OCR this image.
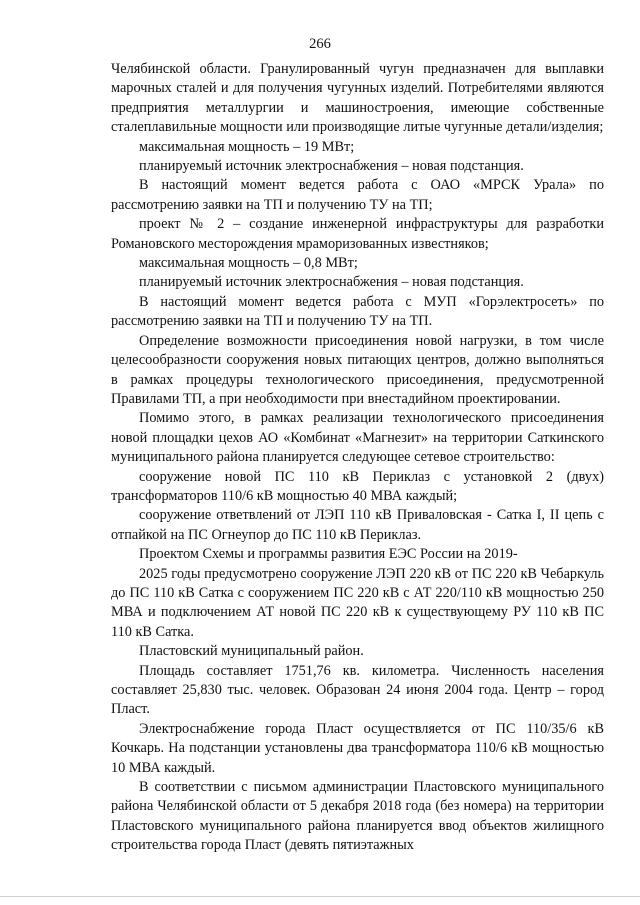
266

Челябинской области. Гранулированный чугун предназначен для выплавки марочных сталей и для получения чугунных изделий. Потребителями являются предприятия металлургии и машиностроения, имеющие собственные сталеплавильные мощности или производящие литые чугунные детали/изделия;

максимальная мощность – 19 МВт;

планируемый источник электроснабжения – новая подстанция.

В настоящий момент ведется работа с ОАО «МРСК Урала» по рассмотрению заявки на ТП и получению ТУ на ТП;

проект № 2 – создание инженерной инфраструктуры для разработки Романовского месторождения мраморизованных известняков;

максимальная мощность – 0,8 МВт;

планируемый источник электроснабжения – новая подстанция.

В настоящий момент ведется работа с МУП «Горэлектросеть» по рассмотрению заявки на ТП и получению ТУ на ТП.

Определение возможности присоединения новой нагрузки, в том числе целесообразности сооружения новых питающих центров, должно выполняться в рамках процедуры технологического присоединения, предусмотренной Правилами ТП, а при необходимости при внестадийном проектировании.

Помимо этого, в рамках реализации технологического присоединения новой площадки цехов АО «Комбинат «Магнезит» на территории Саткинского муниципального района планируется следующее сетевое строительство:

сооружение новой ПС 110 кВ Периклаз с установкой 2 (двух) трансформаторов 110/6 кВ мощностью 40 МВА каждый;

сооружение ответвлений от ЛЭП 110 кВ Приваловская - Сатка I, II цепь с отпайкой на ПС Огнеупор до ПС 110 кВ Периклаз.

Проектом Схемы и программы развития ЕЭС России на 2019-

2025 годы предусмотрено сооружение ЛЭП 220 кВ от ПС 220 кВ Чебаркуль до ПС 110 кВ Сатка с сооружением ПС 220 кВ с АТ 220/110 кВ мощностью 250 МВА и подключением АТ новой ПС 220 кВ к существующему РУ 110 кВ ПС 110 кВ Сатка.

Пластовский муниципальный район.

Площадь составляет 1751,76 кв. километра. Численность населения составляет 25,830 тыс. человек. Образован 24 июня 2004 года. Центр – город Пласт.

Электроснабжение города Пласт осуществляется от ПС 110/35/6 кВ Кочкарь. На подстанции установлены два трансформатора 110/6 кВ мощностью 10 МВА каждый.

В соответствии с письмом администрации Пластовского муниципального района Челябинской области от 5 декабря 2018 года (без номера) на территории Пластовского муниципального района планируется ввод объектов жилищного строительства города Пласт (девять пятиэтажных
